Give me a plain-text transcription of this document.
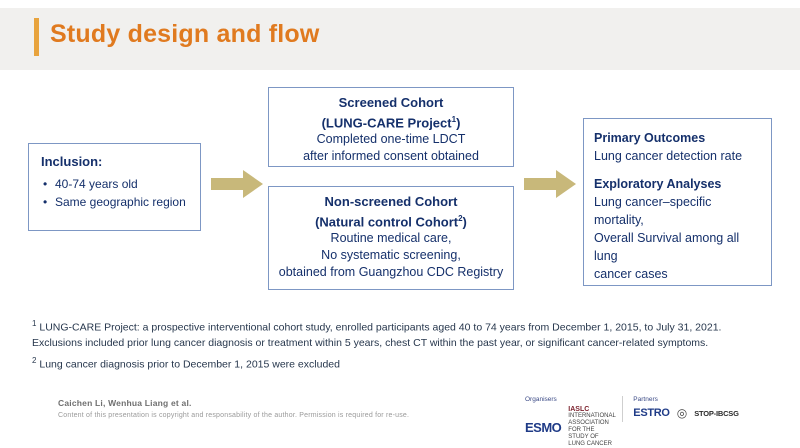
Study design and flow
Inclusion:
• 40-74 years old
• Same geographic region
Screened Cohort
(LUNG-CARE Project$^1$)
Completed one-time LDCT
after informed consent obtained
Non-screened Cohort
(Natural control Cohort$^2$)
Routine medical care,
No systematic screening,
obtained from Guangzhou CDC Registry
Primary Outcomes
Lung cancer detection rate
Exploratory Analyses
Lung cancer–specific mortality,
Overall Survival among all lung
cancer cases

$^1$ LUNG-CARE Project: a prospective interventional cohort study, enrolled participants aged 40 to 74 years from December 1, 2015, to July 31, 2021. Exclusions included prior lung cancer diagnosis or treatment within 5 years, chest CT within the past year, or significant cancer-related symptoms.

$^2$ Lung cancer diagnosis prior to December 1, 2015 were excluded

Caichen Li, Wenhua Liang et al.
Content of this presentation is copyright and responsability of the author. Permission is required for re-use.
Organisers
ESMO
IASLC
INTERNATIONAL ASSOCIATION FOR THE STUDY OF LUNG CANCER
Partners
ESTRO ◎ STOP-IBCSG
